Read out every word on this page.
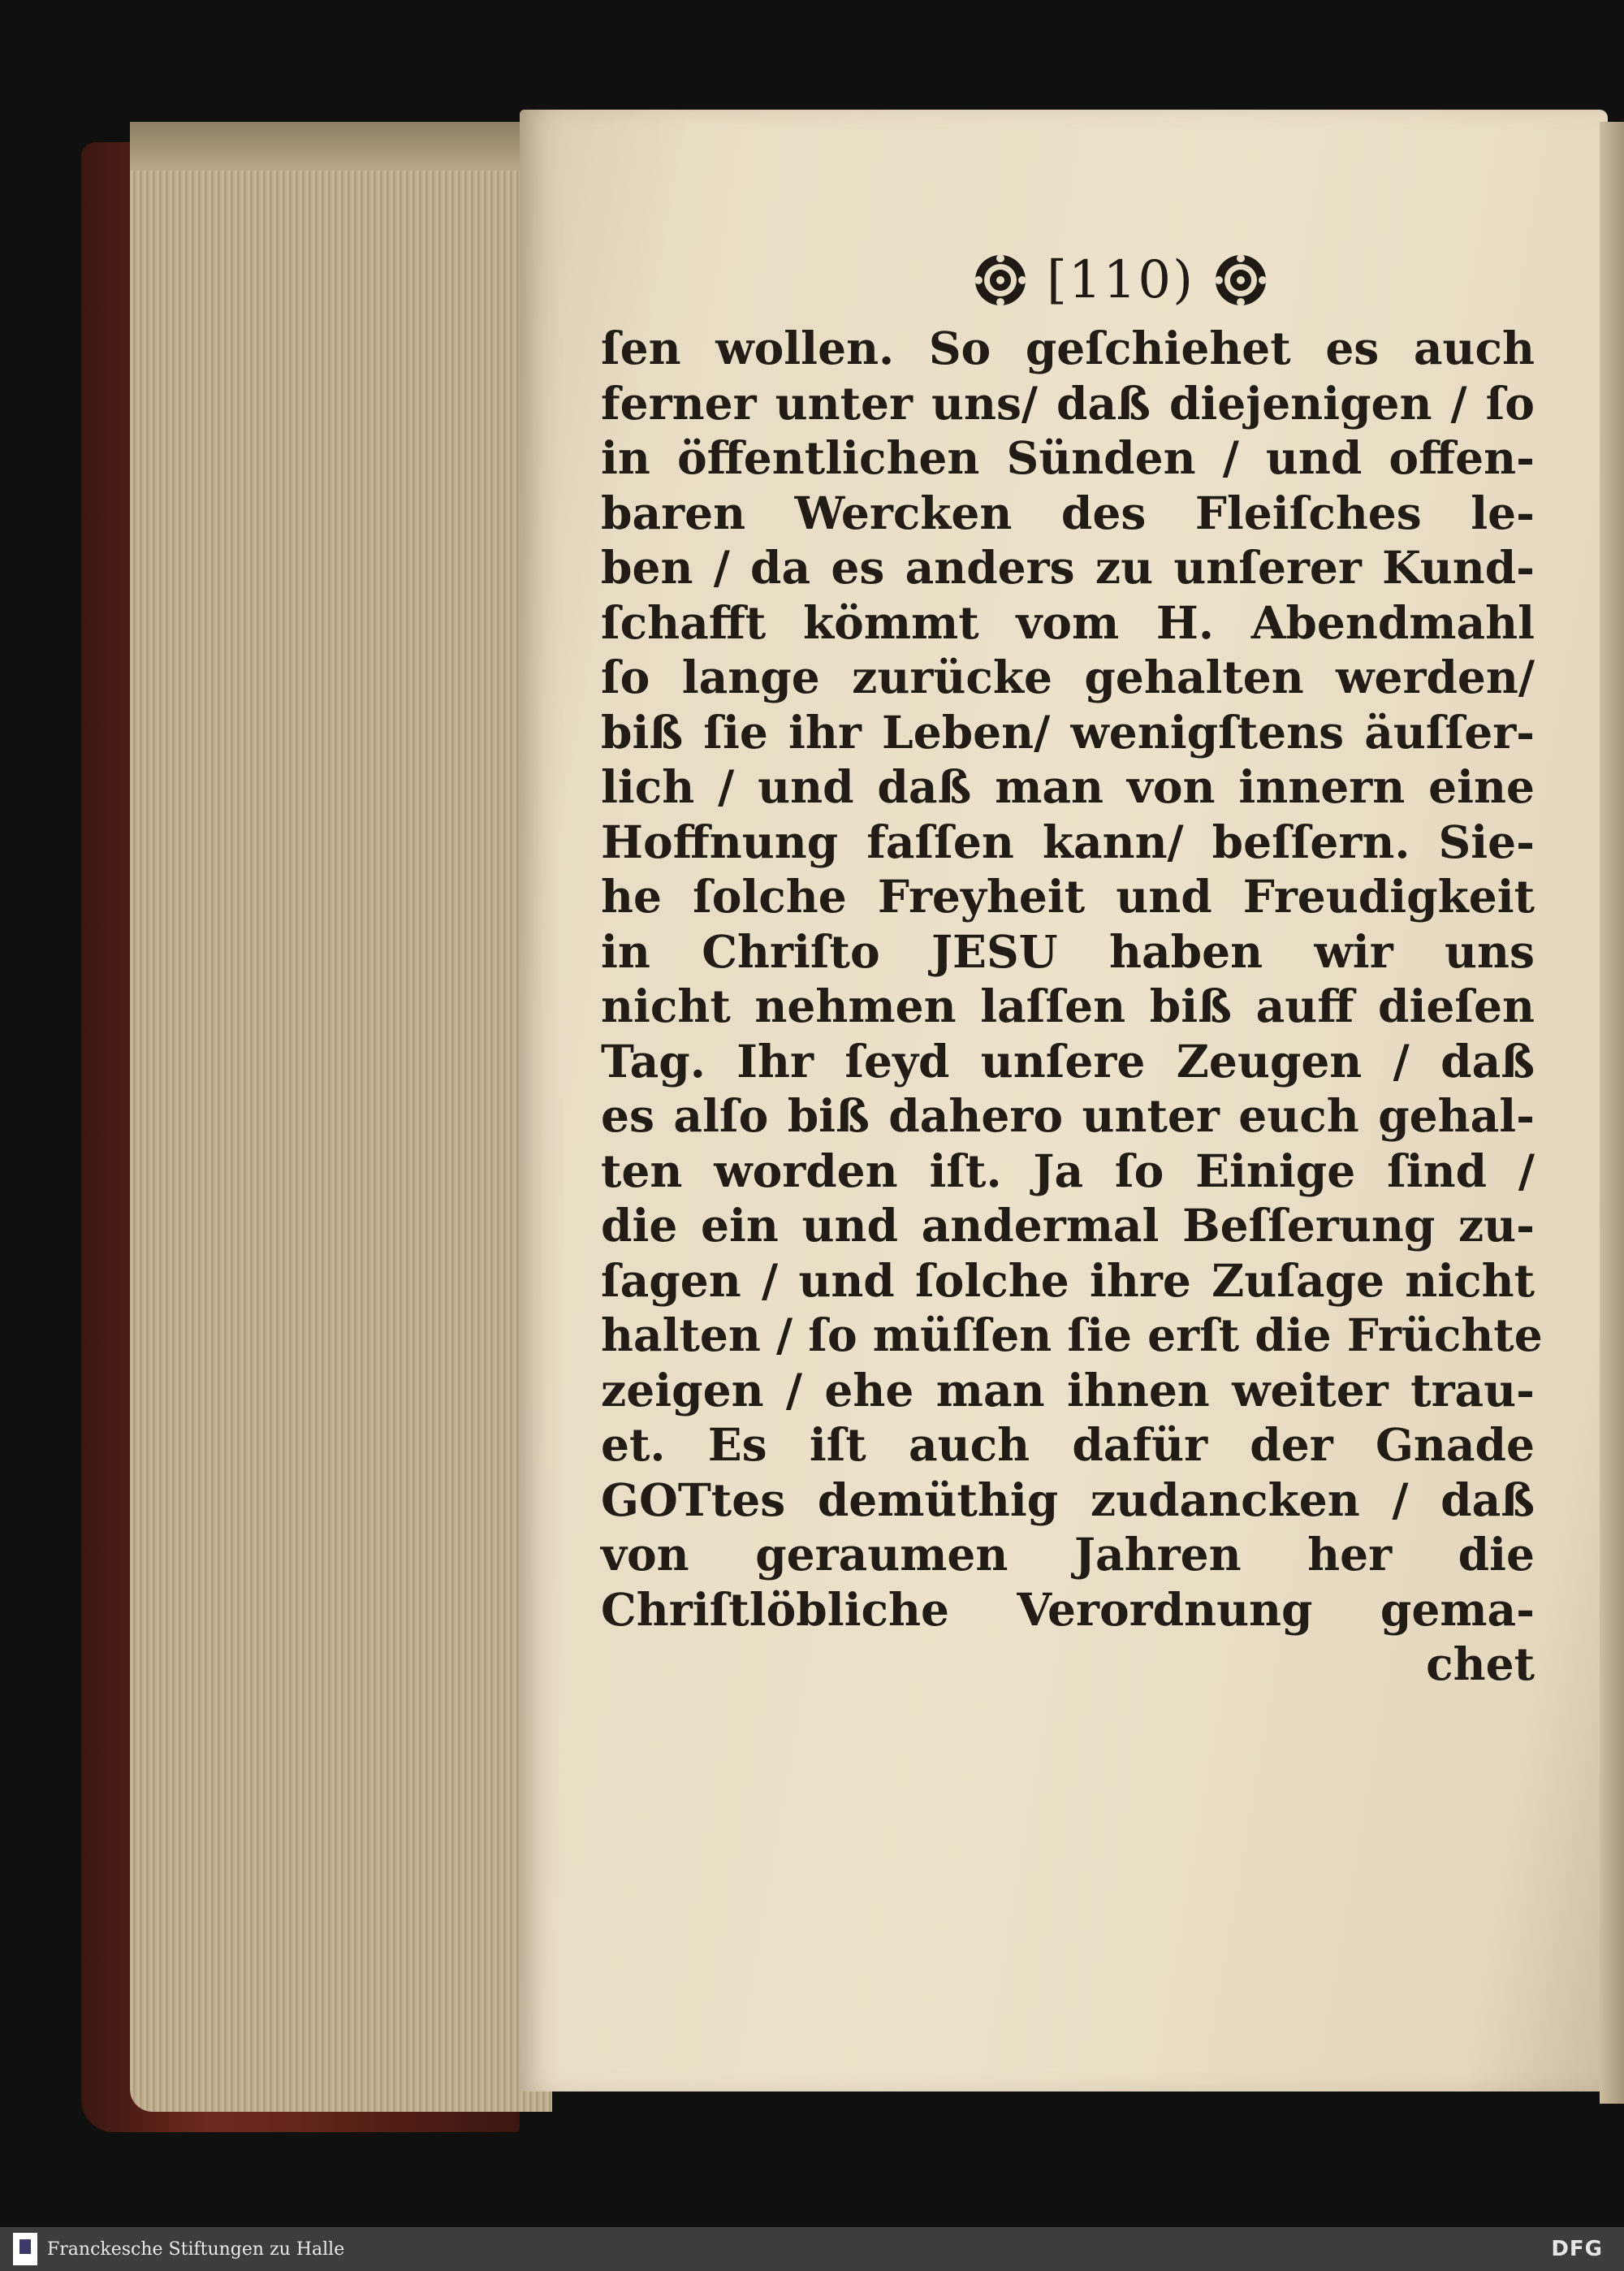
[110)
ſen wollen. So geſchiehet es auch
ferner unter uns/ daß diejenigen / ſo
in öffentlichen Sünden / und offen-
baren Wercken des Fleiſches le-
ben / da es anders zu unſerer Kund-
ſchafft kömmt vom H. Abendmahl
ſo lange zurücke gehalten werden/
biß ſie ihr Leben/ wenigſtens äuſſer-
lich / und daß man von innern eine
Hoffnung faſſen kann/ beſſern. Sie-
he ſolche Freyheit und Freudigkeit
in Chriſto JESU haben wir uns
nicht nehmen laſſen biß auff dieſen
Tag. Ihr ſeyd unſere Zeugen / daß
es alſo biß dahero unter euch gehal-
ten worden iſt. Ja ſo Einige ſind /
die ein und andermal Beſſerung zu-
ſagen / und ſolche ihre Zuſage nicht
halten / ſo müſſen ſie erſt die Früchte
zeigen / ehe man ihnen weiter trau-
et. Es iſt auch dafür der Gnade
GOTtes demüthig zudancken / daß
von geraumen Jahren her die
Chriſtlöbliche Verordnung gema-
chet
Franckesche Stiftungen zu Halle	DFG
